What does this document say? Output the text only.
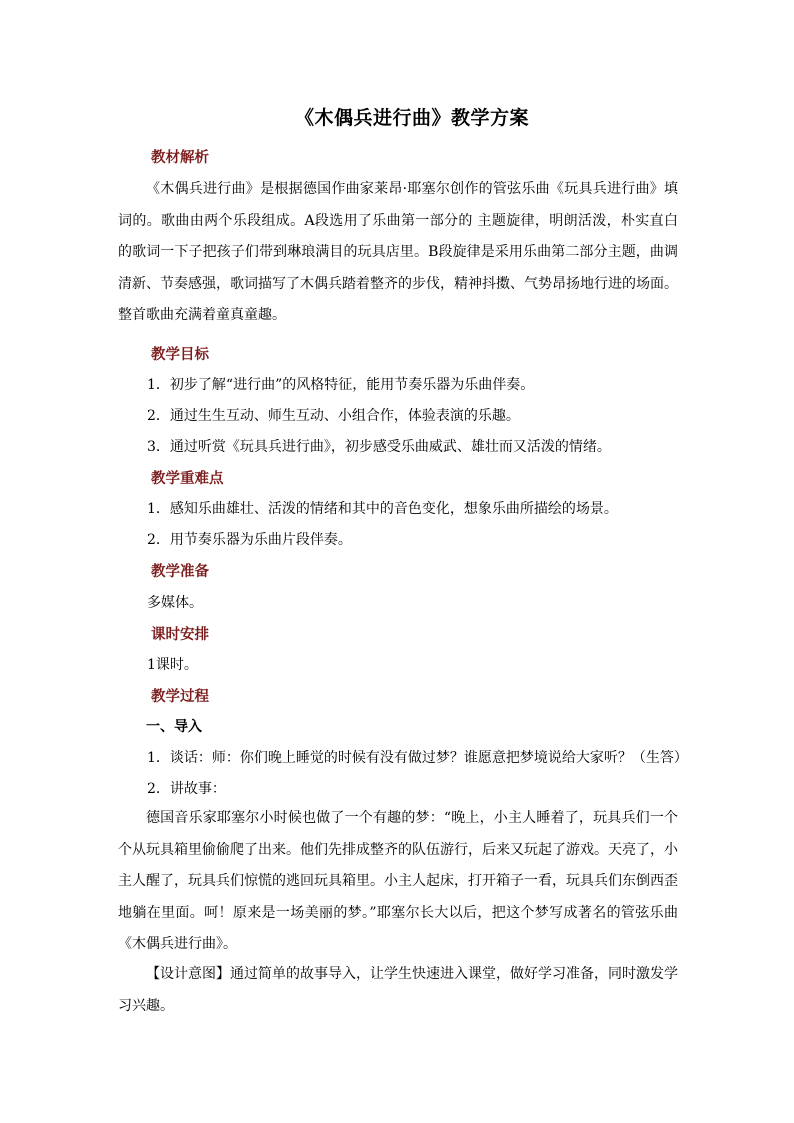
《木偶兵进行曲》教学方案
教材解析

《木偶兵进行曲》是根据德国作曲家莱昂·耶塞尔创作的管弦乐曲《玩具兵进行曲》填词的。歌曲由两个乐段组成。A段选用了乐曲第一部分的 主题旋律，明朗活泼，朴实直白的歌词一下子把孩子们带到琳琅满目的玩具店里。B段旋律是采用乐曲第二部分主题，曲调清新、节奏感强，歌词描写了木偶兵踏着整齐的步伐，精神抖擞、气势昂扬地行进的场面。整首歌曲充满着童真童趣。

教学目标
1．初步了解“进行曲”的风格特征，能用节奏乐器为乐曲伴奏。
2．通过生生互动、师生互动、小组合作，体验表演的乐趣。
3．通过听赏《玩具兵进行曲》，初步感受乐曲威武、雄壮而又活泼的情绪。
教学重难点
1．感知乐曲雄壮、活泼的情绪和其中的音色变化，想象乐曲所描绘的场景。
2．用节奏乐器为乐曲片段伴奏。
教学准备
多媒体。
课时安排
1课时。
教学过程
一、导入
1．谈话：师：你们晚上睡觉的时候有没有做过梦？谁愿意把梦境说给大家听？（生答）
2．讲故事：

德国音乐家耶塞尔小时候也做了一个有趣的梦：“晚上，小主人睡着了，玩具兵们一个个从玩具箱里偷偷爬了出来。他们先排成整齐的队伍游行，后来又玩起了游戏。天亮了，小主人醒了，玩具兵们惊慌的逃回玩具箱里。小主人起床，打开箱子一看，玩具兵们东倒西歪地躺在里面。呵！原来是一场美丽的梦。”耶塞尔长大以后，把这个梦写成著名的管弦乐曲《木偶兵进行曲》。

【设计意图】通过简单的故事导入，让学生快速进入课堂，做好学习准备，同时激发学习兴趣。
